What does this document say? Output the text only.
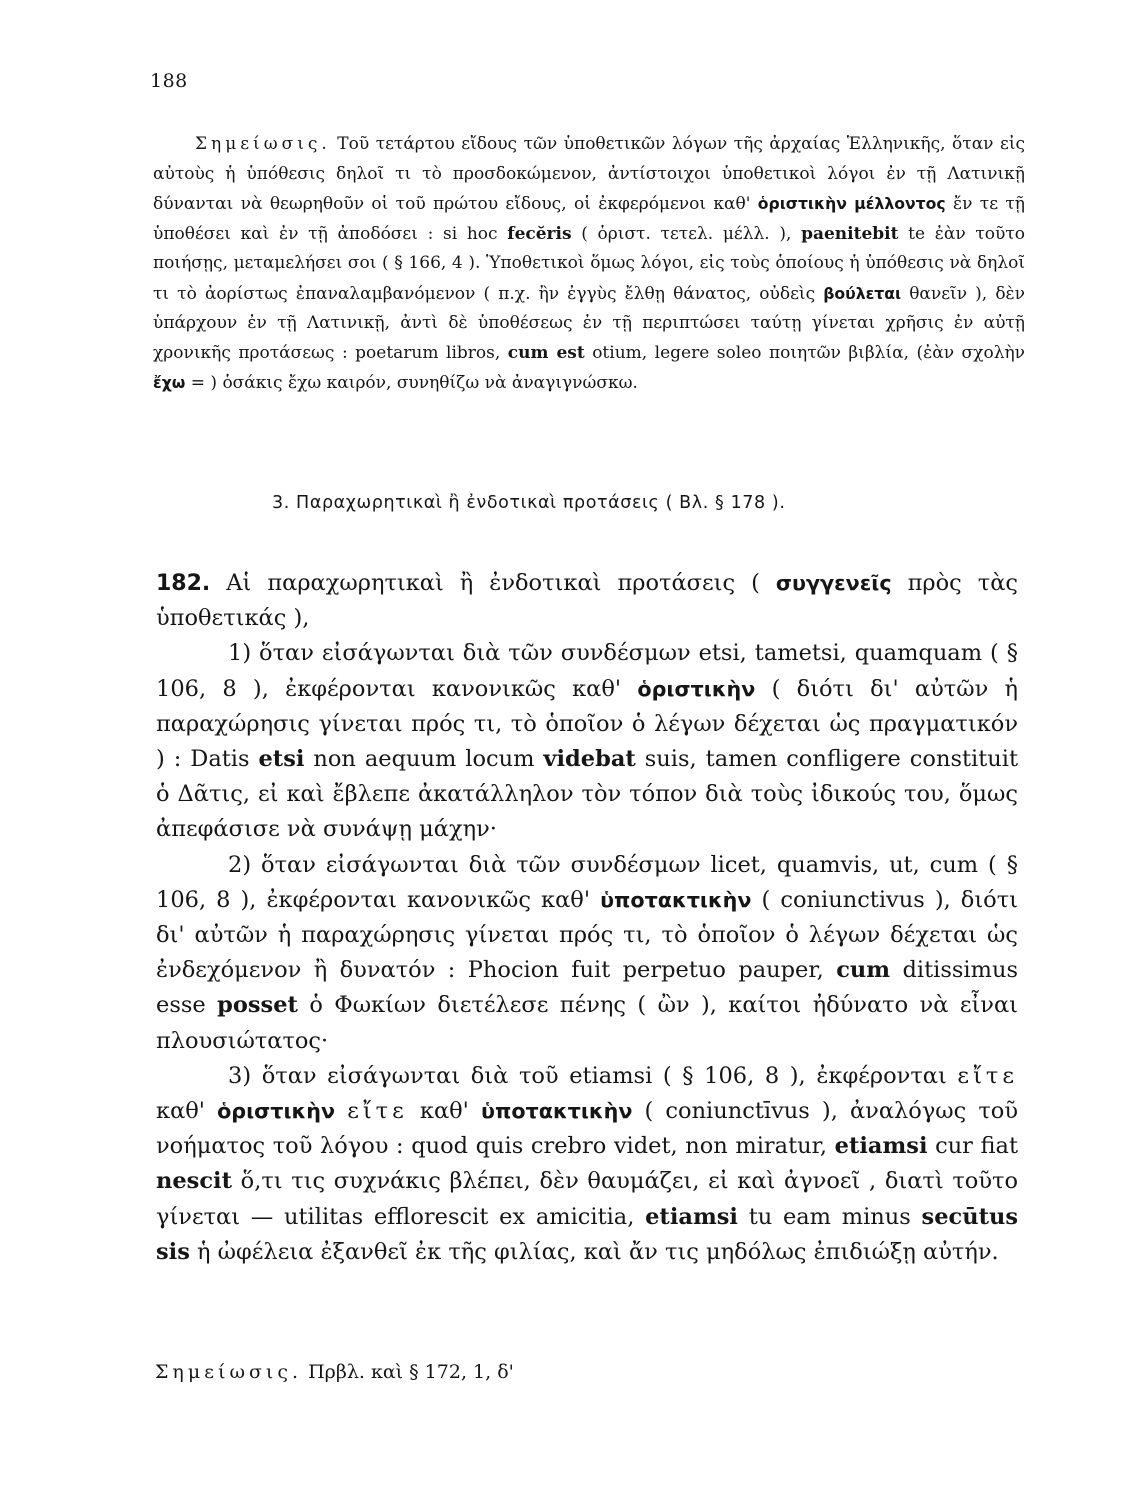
188
Σημείωσις. Τοῦ τετάρτου εἴδους τῶν ὑποθετικῶν λόγων τῆς ἀρχαίας Ἑλληνικῆς, ὅταν εἰς αὐτοὺς ἡ ὑπόθεσις δηλοῖ τι τὸ προσδοκώμενον, ἀντίστοιχοι ὑποθετικοὶ λόγοι ἐν τῇ Λατινικῇ δύνανται νὰ θεωρηθοῦν οἱ τοῦ πρώτου εἴδους, οἱ ἐκφερόμενοι καθ' ὁριστικὴν μέλλοντος ἔν τε τῇ ὑποθέσει καὶ ἐν τῇ ἀποδόσει : si hoc fecĕris ( ὁριστ. τετελ. μέλλ. ), paenitebit te ἐὰν τοῦτο ποιήσῃς, μεταμελήσει σοι ( § 166, 4 ). Ὑποθετικοὶ ὅμως λόγοι, εἰς τοὺς ὁποίους ἡ ὑπόθεσις νὰ δηλοῖ τι τὸ ἀορίστως ἐπαναλαμβανόμενον ( π.χ. ἢν ἐγγὺς ἔλθῃ θάνατος, οὐδεὶς βούλεται θανεῖν ), δὲν ὑπάρχουν ἐν τῇ Λατινικῇ, ἀντὶ δὲ ὑποθέσεως ἐν τῇ περιπτώσει ταύτῃ γίνεται χρῆσις ἐν αὐτῇ χρονικῆς προτάσεως : poetarum libros, cum est otium, legere soleo ποιητῶν βιβλία, (ἐὰν σχολὴν ἔχω = ) ὁσάκις ἔχω καιρόν, συνηθίζω νὰ ἀναγιγνώσκω.
3. Παραχωρητικαὶ ἢ ἐνδοτικαὶ προτάσεις ( Βλ. § 178 ).

182. Αἱ παραχωρητικαὶ ἢ ἐνδοτικαὶ προτάσεις ( συγγενεῖς πρὸς τὰς ὑποθετικάς ),

1) ὅταν εἰσάγωνται διὰ τῶν συνδέσμων etsi, tametsi, quamquam ( § 106, 8 ), ἐκφέρονται κανονικῶς καθ' ὁριστικὴν ( διότι δι' αὐτῶν ἡ παραχώρησις γίνεται πρός τι, τὸ ὁποῖον ὁ λέγων δέχεται ὡς πραγματικόν ) : Datis etsi non aequum locum videbat suis, tamen confligere constituit ὁ Δᾶτις, εἰ καὶ ἔβλεπε ἀκατάλληλον τὸν τόπον διὰ τοὺς ἰδικούς του, ὅμως ἀπεφάσισε νὰ συνάψῃ μάχην·

2) ὅταν εἰσάγωνται διὰ τῶν συνδέσμων licet, quamvis, ut, cum ( § 106, 8 ), ἐκφέρονται κανονικῶς καθ' ὑποτακτικὴν ( coniunctivus ), διότι δι' αὐτῶν ἡ παραχώρησις γίνεται πρός τι, τὸ ὁποῖον ὁ λέγων δέχεται ὡς ἐνδεχόμενον ἢ δυνατόν : Phocion fuit perpetuo pauper, cum ditissimus esse posset ὁ Φωκίων διετέλεσε πένης ( ὢν ), καίτοι ἠδύνατο νὰ εἶναι πλουσιώτατος·

3) ὅταν εἰσάγωνται διὰ τοῦ etiamsi ( § 106, 8 ), ἐκφέρονται εἴτε καθ' ὁριστικὴν εἴτε καθ' ὑποτακτικὴν ( coniunctīvus ), ἀναλόγως τοῦ νοήματος τοῦ λόγου : quod quis crebro videt, non miratur, etiamsi cur fiat nescit ὅ,τι τις συχνάκις βλέπει, δὲν θαυμάζει, εἰ καὶ ἀγνοεῖ , διατὶ τοῦτο γίνεται — utilitas efflorescit ex amicitia, etiamsi tu eam minus secūtus sis ἡ ὠφέλεια ἐξανθεῖ ἐκ τῆς φιλίας, καὶ ἄν τις μηδόλως ἐπιδιώξῃ αὐτήν.

Σημείωσις. Πρβλ. καὶ § 172, 1, δ'
